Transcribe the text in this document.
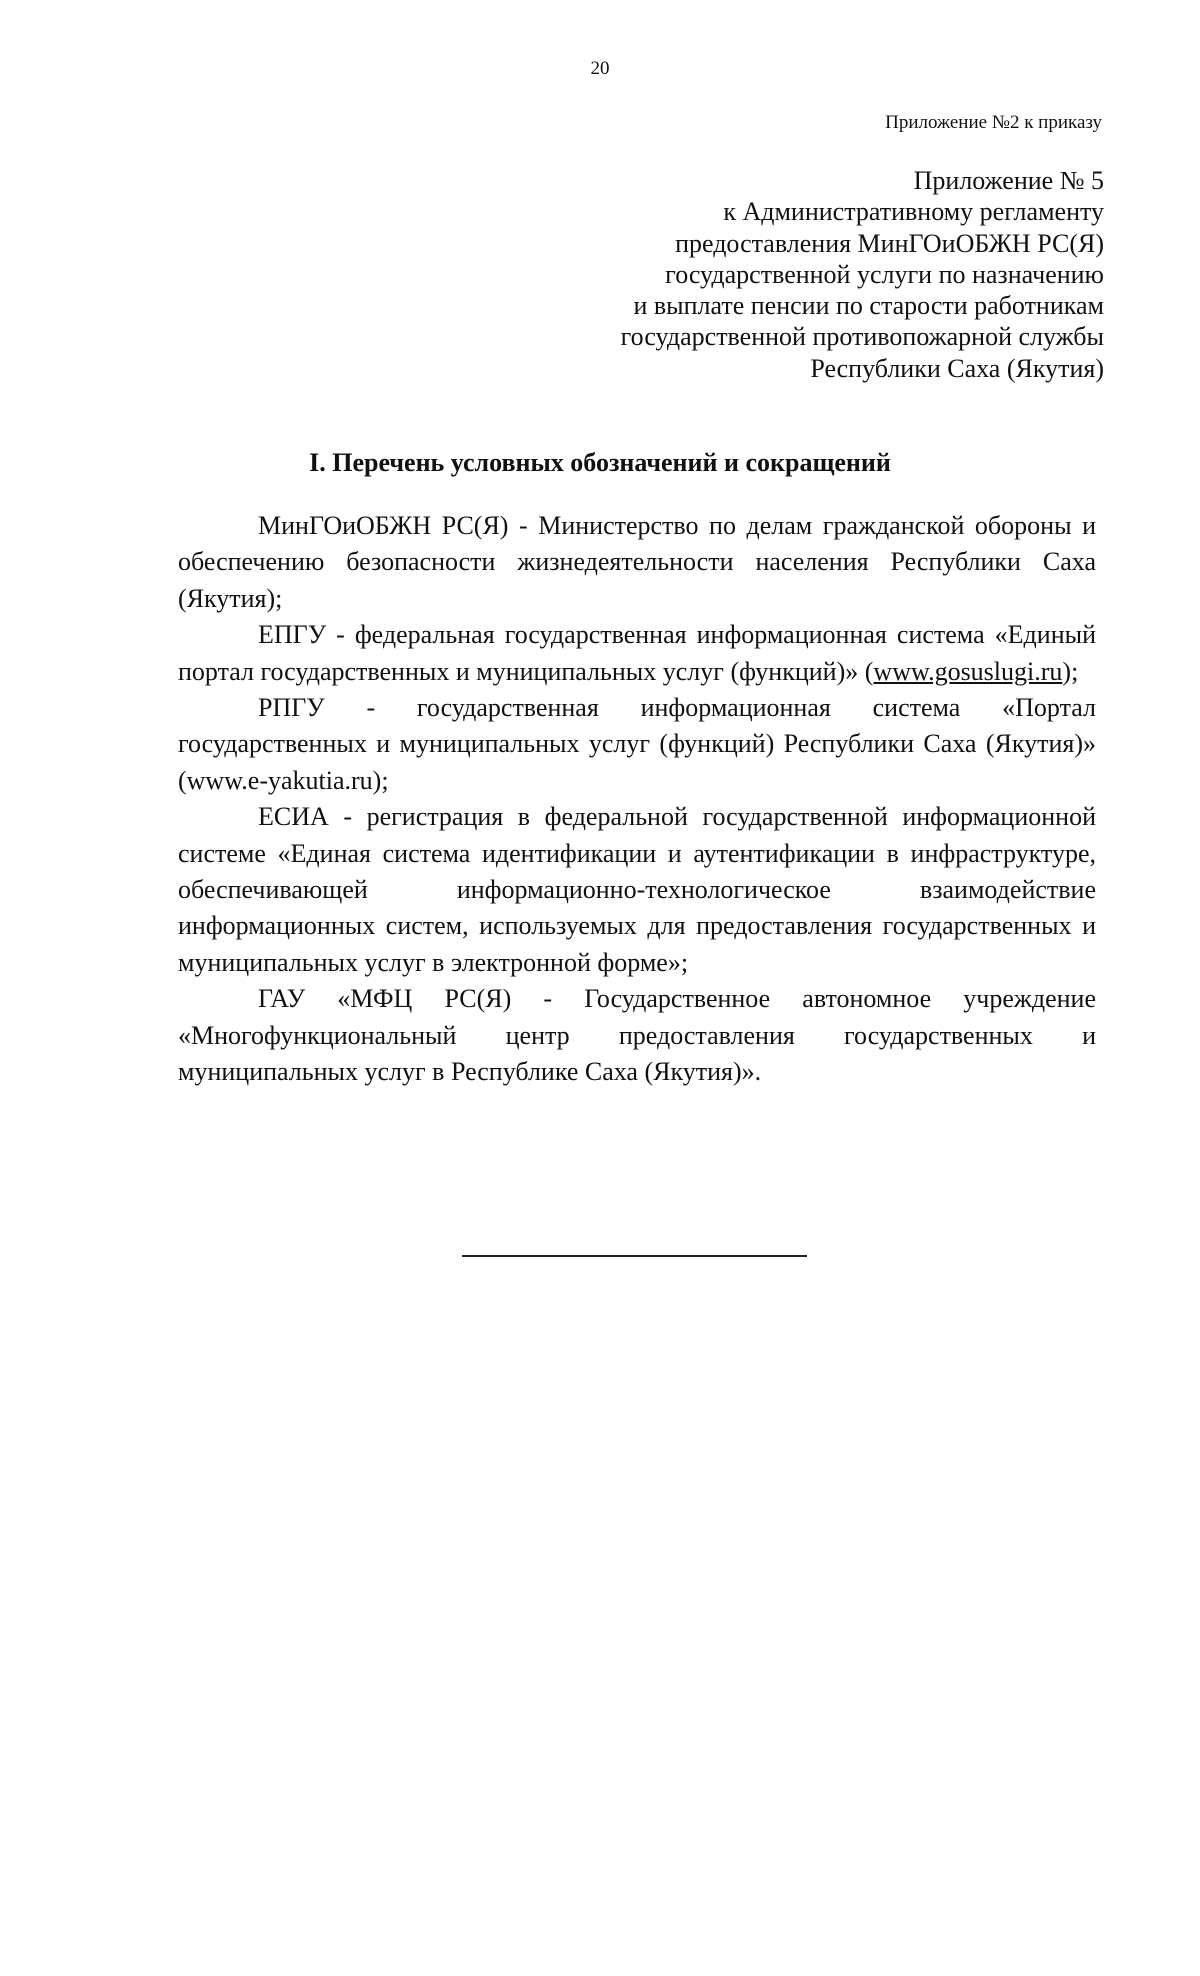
20
Приложение №2 к приказу
Приложение № 5
к Административному регламенту
предоставления МинГОиОБЖН РС(Я)
государственной услуги по назначению
и выплате пенсии по старости работникам
государственной противопожарной службы
Республики Саха (Якутия)
I. Перечень условных обозначений и сокращений

МинГОиОБЖН РС(Я) - Министерство по делам гражданской обороны и обеспечению безопасности жизнедеятельности населения Республики Саха (Якутия);

ЕПГУ - федеральная государственная информационная система «Единый портал государственных и муниципальных услуг (функций)» (www.gosuslugi.ru);

РПГУ - государственная информационная система «Портал государственных и муниципальных услуг (функций) Республики Саха (Якутия)» (www.e-yakutia.ru);

ЕСИА - регистрация в федеральной государственной информационной системе «Единая система идентификации и аутентификации в инфраструктуре, обеспечивающей информационно-технологическое взаимодействие информационных систем, используемых для предоставления государственных и муниципальных услуг в электронной форме»;

ГАУ «МФЦ РС(Я) - Государственное автономное учреждение «Многофункциональный центр предоставления государственных и муниципальных услуг в Республике Саха (Якутия)».
